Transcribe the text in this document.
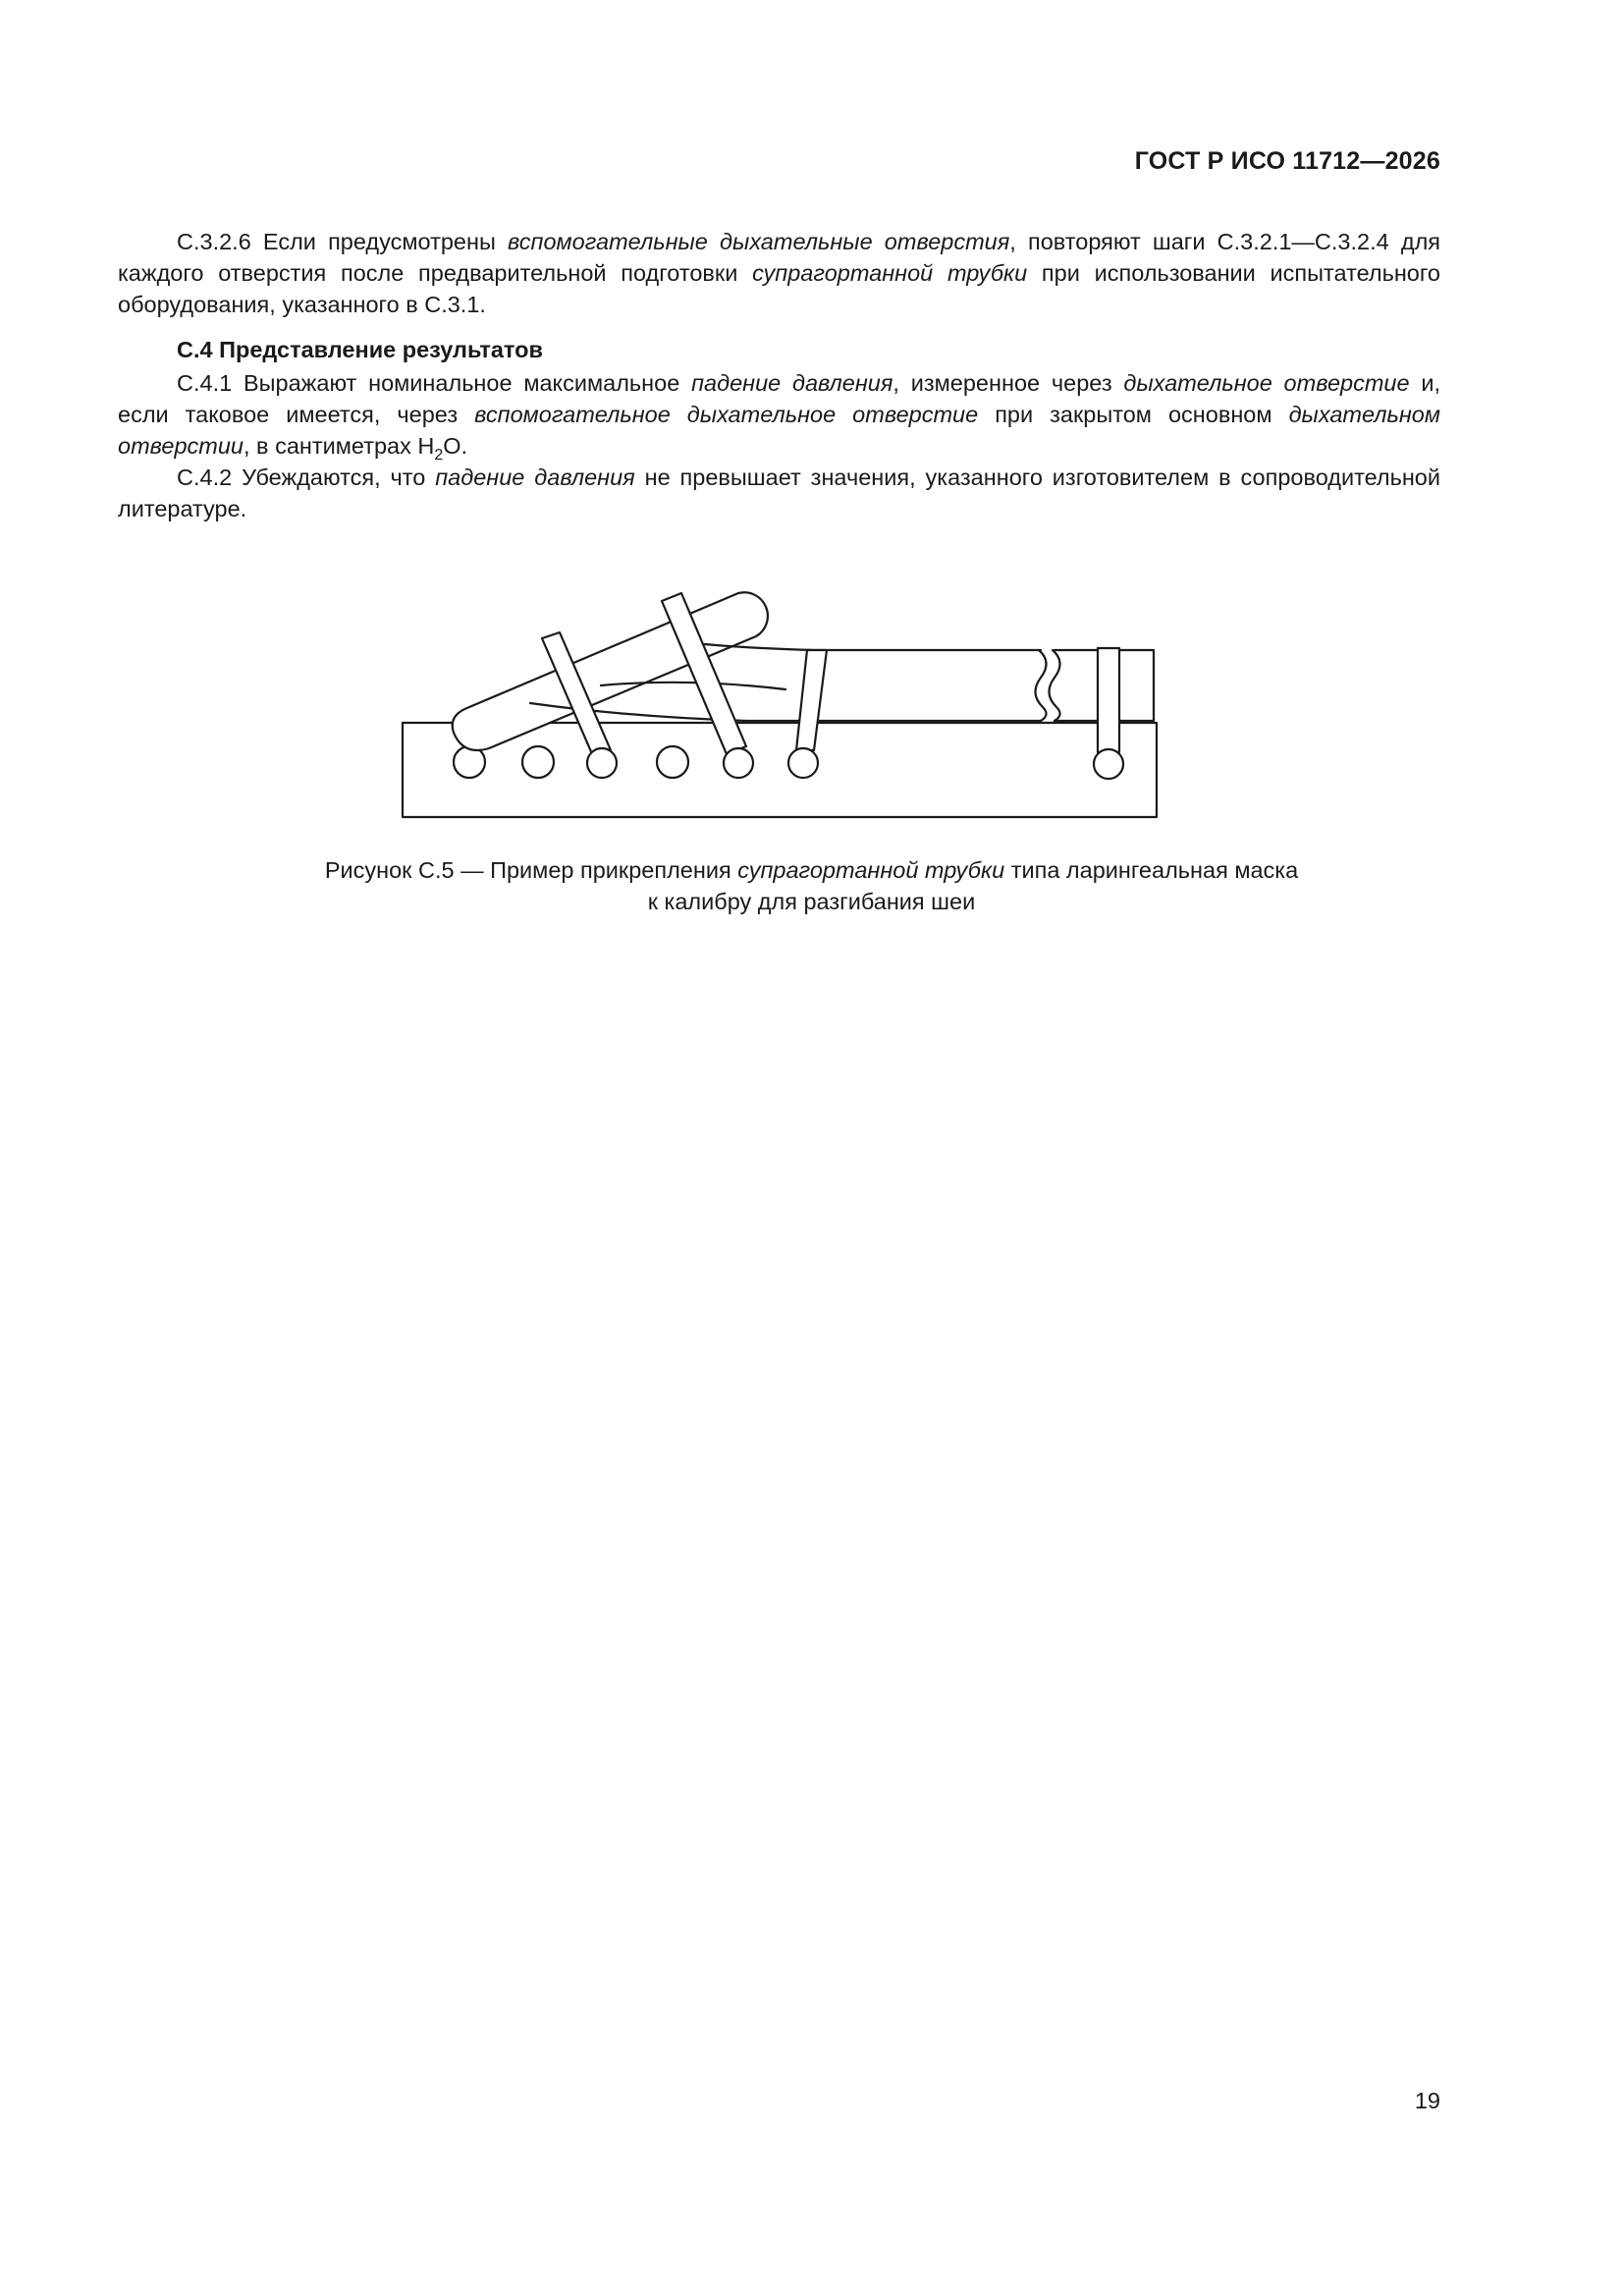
ГОСТ Р ИСО 11712—2026

С.3.2.6 Если предусмотрены вспомогательные дыхательные отверстия, повторяют шаги С.3.2.1—С.3.2.4 для каждого отверстия после предварительной подготовки супрагортанной трубки при использовании испытательного оборудования, указанного в С.3.1.

С.4 Представление результатов

С.4.1 Выражают номинальное максимальное падение давления, измеренное через дыхательное отверстие и, если таковое имеется, через вспомогательное дыхательное отверстие при закрытом основном дыхательном отверстии, в сантиметрах $H_2O$.

С.4.2 Убеждаются, что падение давления не превышает значения, указанного изготовителем в сопроводительной литературе.

Рисунок С.5 — Пример прикрепления супрагортанной трубки типа ларингеальная маска
к калибру для разгибания шеи
19
